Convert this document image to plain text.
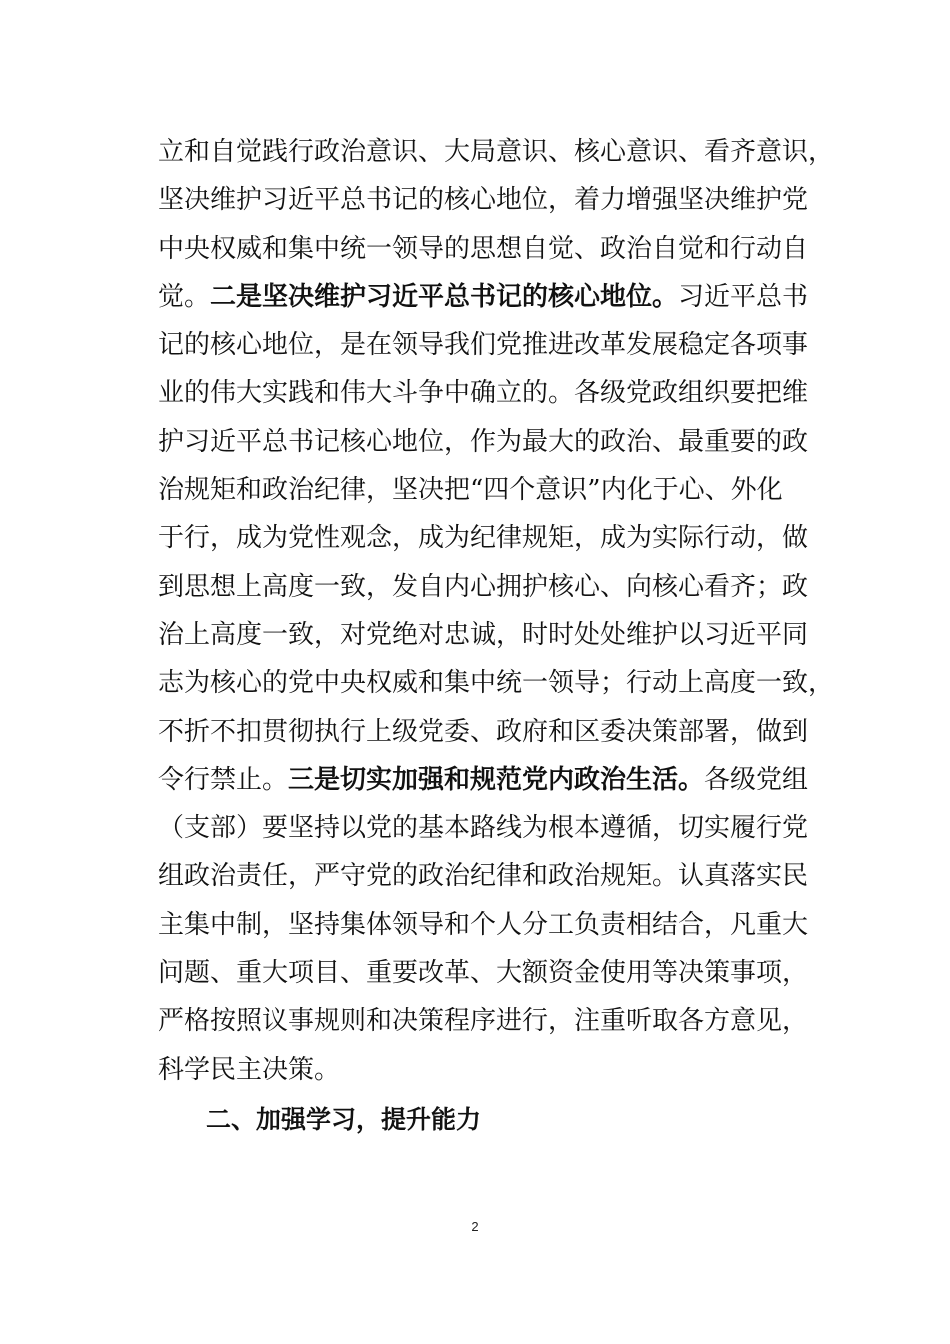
立和自觉践行政治意识、大局意识、核心意识、看齐意识，
坚决维护习近平总书记的核心地位，着力增强坚决维护党
中央权威和集中统一领导的思想自觉、政治自觉和行动自
觉。二是坚决维护习近平总书记的核心地位。习近平总书
记的核心地位，是在领导我们党推进改革发展稳定各项事
业的伟大实践和伟大斗争中确立的。各级党政组织要把维
护习近平总书记核心地位，作为最大的政治、最重要的政
治规矩和政治纪律，坚决把“四个意识”内化于心、外化
于行，成为党性观念，成为纪律规矩，成为实际行动，做
到思想上高度一致，发自内心拥护核心、向核心看齐；政
治上高度一致，对党绝对忠诚，时时处处维护以习近平同
志为核心的党中央权威和集中统一领导；行动上高度一致，
不折不扣贯彻执行上级党委、政府和区委决策部署，做到
令行禁止。三是切实加强和规范党内政治生活。各级党组
（支部）要坚持以党的基本路线为根本遵循，切实履行党
组政治责任，严守党的政治纪律和政治规矩。认真落实民
主集中制，坚持集体领导和个人分工负责相结合，凡重大
问题、重大项目、重要改革、大额资金使用等决策事项，
严格按照议事规则和决策程序进行，注重听取各方意见，
科学民主决策。
二、加强学习，提升能力
2
